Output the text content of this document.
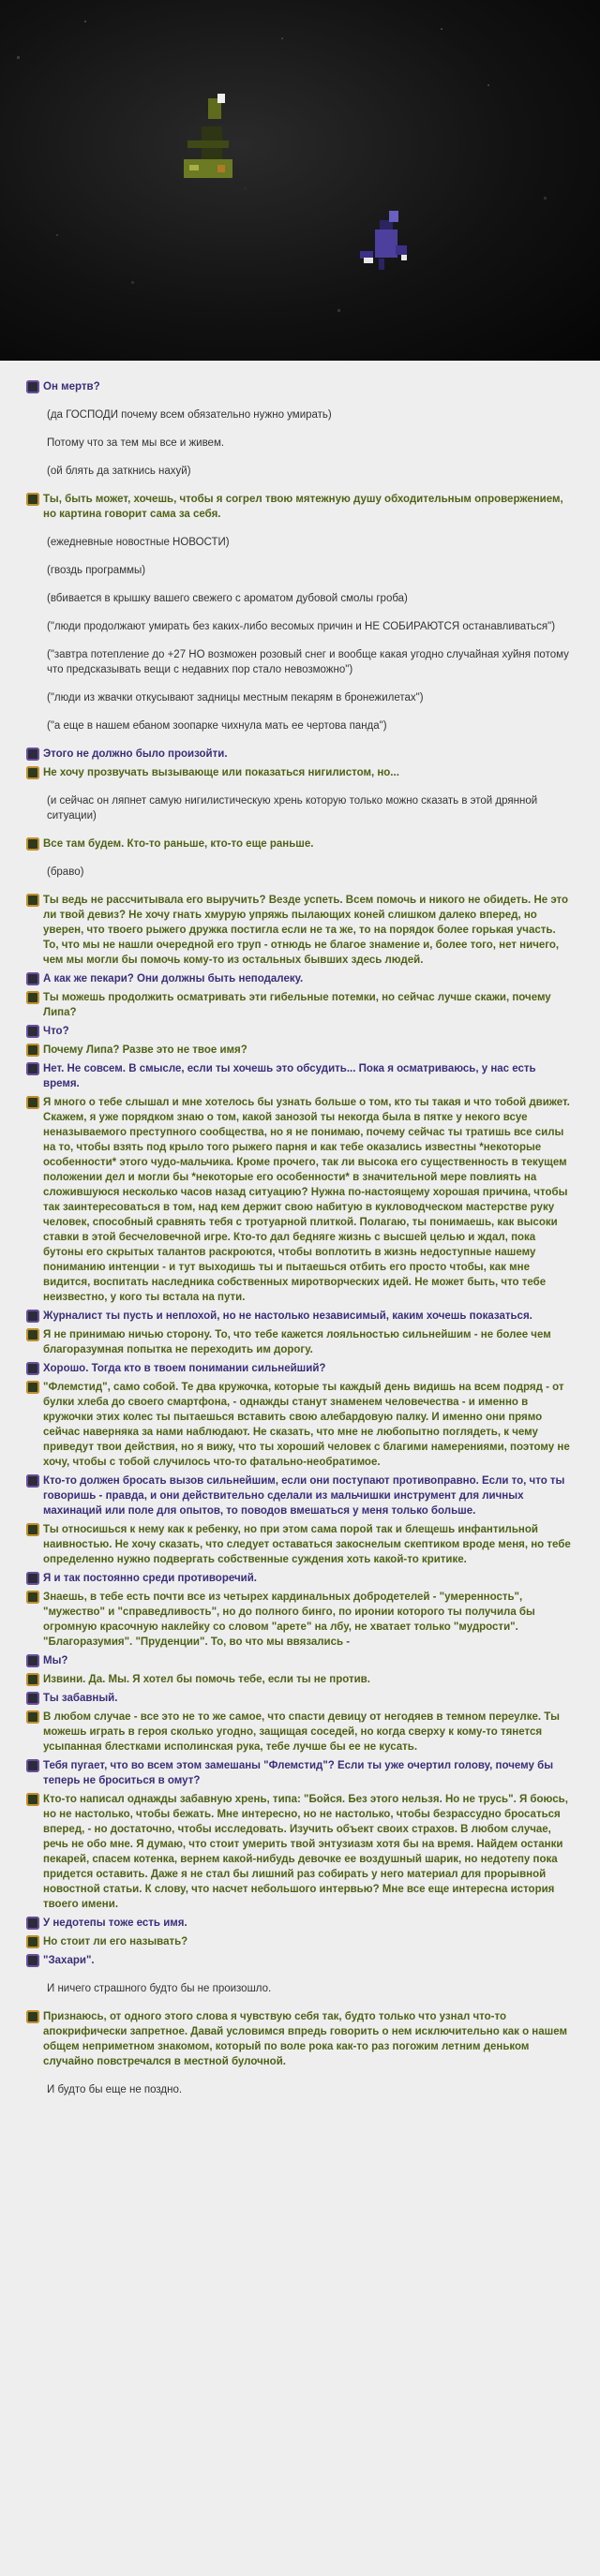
Он мертв?
(да ГОСПОДИ почему всем обязательно нужно умирать)
Потому что за тем мы все и живем.
(ой блять да заткнись нахуй)
Ты, быть может, хочешь, чтобы я согрел твою мятежную душу обходительным опровержением, но картина говорит сама за себя.
(ежедневные новостные НОВОСТИ)
(гвоздь программы)
(вбивается в крышку вашего свежего с ароматом дубовой смолы гроба)
("люди продолжают умирать без каких-либо весомых причин и НЕ СОБИРАЮТСЯ останавливаться")
("завтра потепление до +27 НО возможен розовый снег и вообще какая угодно случайная хуйня потому что предсказывать вещи с недавних пор стало невозможно")
("люди из жвачки откусывают задницы местным пекарям в бронежилетах")
("а еще в нашем ебаном зоопарке чихнула мать ее чертова панда")
Этого не должно было произойти.
Не хочу прозвучать вызывающе или показаться нигилистом, но...
(и сейчас он ляпнет самую нигилистическую хрень которую только можно сказать в этой дрянной ситуации)
Все там будем. Кто-то раньше, кто-то еще раньше.
(браво)
Ты ведь не рассчитывала его выручить? Везде успеть. Всем помочь и никого не обидеть. Не это ли твой девиз? Не хочу гнать хмурую упряжь пылающих коней слишком далеко вперед, но уверен, что твоего рыжего дружка постигла если не та же, то на порядок более горькая участь. То, что мы не нашли очередной его труп - отнюдь не благое знамение и, более того, нет ничего, чем мы могли бы помочь кому-то из остальных бывших здесь людей.
А как же пекари? Они должны быть неподалеку.
Ты можешь продолжить осматривать эти гибельные потемки, но сейчас лучше скажи, почему Липа?
Что?
Почему Липа? Разве это не твое имя?
Нет. Не совсем. В смысле, если ты хочешь это обсудить... Пока я осматриваюсь, у нас есть время.
Я много о тебе слышал и мне хотелось бы узнать больше о том, кто ты такая и что тобой движет. Скажем, я уже порядком знаю о том, какой занозой ты некогда была в пятке у некого всуе неназываемого преступного сообщества, но я не понимаю, почему сейчас ты тратишь все силы на то, чтобы взять под крыло того рыжего парня и как тебе оказались известны *некоторые особенности* этого чудо-мальчика. Кроме прочего, так ли высока его существенность в текущем положении дел и могли бы *некоторые его особенности* в значительной мере повлиять на сложившуюся несколько часов назад ситуацию? Нужна по-настоящему хорошая причина, чтобы так заинтересоваться в том, над кем держит свою набитую в кукловодческом мастерстве руку человек, способный сравнять тебя с тротуарной плиткой. Полагаю, ты понимаешь, как высоки ставки в этой бесчеловечной игре. Кто-то дал бедняге жизнь с высшей целью и ждал, пока бутоны его скрытых талантов раскроются, чтобы воплотить в жизнь недоступные нашему пониманию интенции - и тут выходишь ты и пытаешься отбить его просто чтобы, как мне видится, воспитать наследника собственных миротворческих идей. Не может быть, что тебе неизвестно, у кого ты встала на пути.
Журналист ты пусть и неплохой, но не настолько независимый, каким хочешь показаться.
Я не принимаю ничью сторону. То, что тебе кажется лояльностью сильнейшим - не более чем благоразумная попытка не переходить им дорогу.
Хорошо. Тогда кто в твоем понимании сильнейший?
"Флемстид", само собой. Те два кружочка, которые ты каждый день видишь на всем подряд - от булки хлеба до своего смартфона, - однажды станут знаменем человечества - и именно в кружочки этих колес ты пытаешься вставить свою алебардовую палку. И именно они прямо сейчас наверняка за нами наблюдают. Не сказать, что мне не любопытно поглядеть, к чему приведут твои действия, но я вижу, что ты хороший человек с благими намерениями, поэтому не хочу, чтобы с тобой случилось что-то фатально-необратимое.
Кто-то должен бросать вызов сильнейшим, если они поступают противоправно. Если то, что ты говоришь - правда, и они действительно сделали из мальчишки инструмент для личных махинаций или поле для опытов, то поводов вмешаться у меня только больше.
Ты относишься к нему как к ребенку, но при этом сама порой так и блещешь инфантильной наивностью. Не хочу сказать, что следует оставаться закоснелым скептиком вроде меня, но тебе определенно нужно подвергать собственные суждения хоть какой-то критике.
Я и так постоянно среди противоречий.
Знаешь, в тебе есть почти все из четырех кардинальных добродетелей - "умеренность", "мужество" и "справедливость", но до полного бинго, по иронии которого ты получила бы огромную красочную наклейку со словом "арете" на лбу, не хватает только "мудрости". "Благоразумия". "Пруденции". То, во что мы ввязались -
Мы?
Извини. Да. Мы. Я хотел бы помочь тебе, если ты не против.
Ты забавный.
В любом случае - все это не то же самое, что спасти девицу от негодяев в темном переулке. Ты можешь играть в героя сколько угодно, защищая соседей, но когда сверху к кому-то тянется усыпанная блестками исполинская рука, тебе лучше бы ее не кусать.
Тебя пугает, что во всем этом замешаны "Флемстид"? Если ты уже очертил голову, почему бы теперь не броситься в омут?
Кто-то написал однажды забавную хрень, типа: "Бойся. Без этого нельзя. Но не трусь". Я боюсь, но не настолько, чтобы бежать. Мне интересно, но не настолько, чтобы безрассудно бросаться вперед, - но достаточно, чтобы исследовать. Изучить объект своих страхов. В любом случае, речь не обо мне. Я думаю, что стоит умерить твой энтузиазм хотя бы на время. Найдем останки пекарей, спасем котенка, вернем какой-нибудь девочке ее воздушный шарик, но недотепу пока придется оставить. Даже я не стал бы лишний раз собирать у него материал для прорывной новостной статьи. К слову, что насчет небольшого интервью? Мне все еще интересна история твоего имени.
У недотепы тоже есть имя.
Но стоит ли его называть?
"Захари".
И ничего страшного будто бы не произошло.
Признаюсь, от одного этого слова я чувствую себя так, будто только что узнал что-то апокрифически запретное. Давай условимся впредь говорить о нем исключительно как о нашем общем неприметном знакомом, который по воле рока как-то раз погожим летним деньком случайно повстречался в местной булочной.
И будто бы еще не поздно.
